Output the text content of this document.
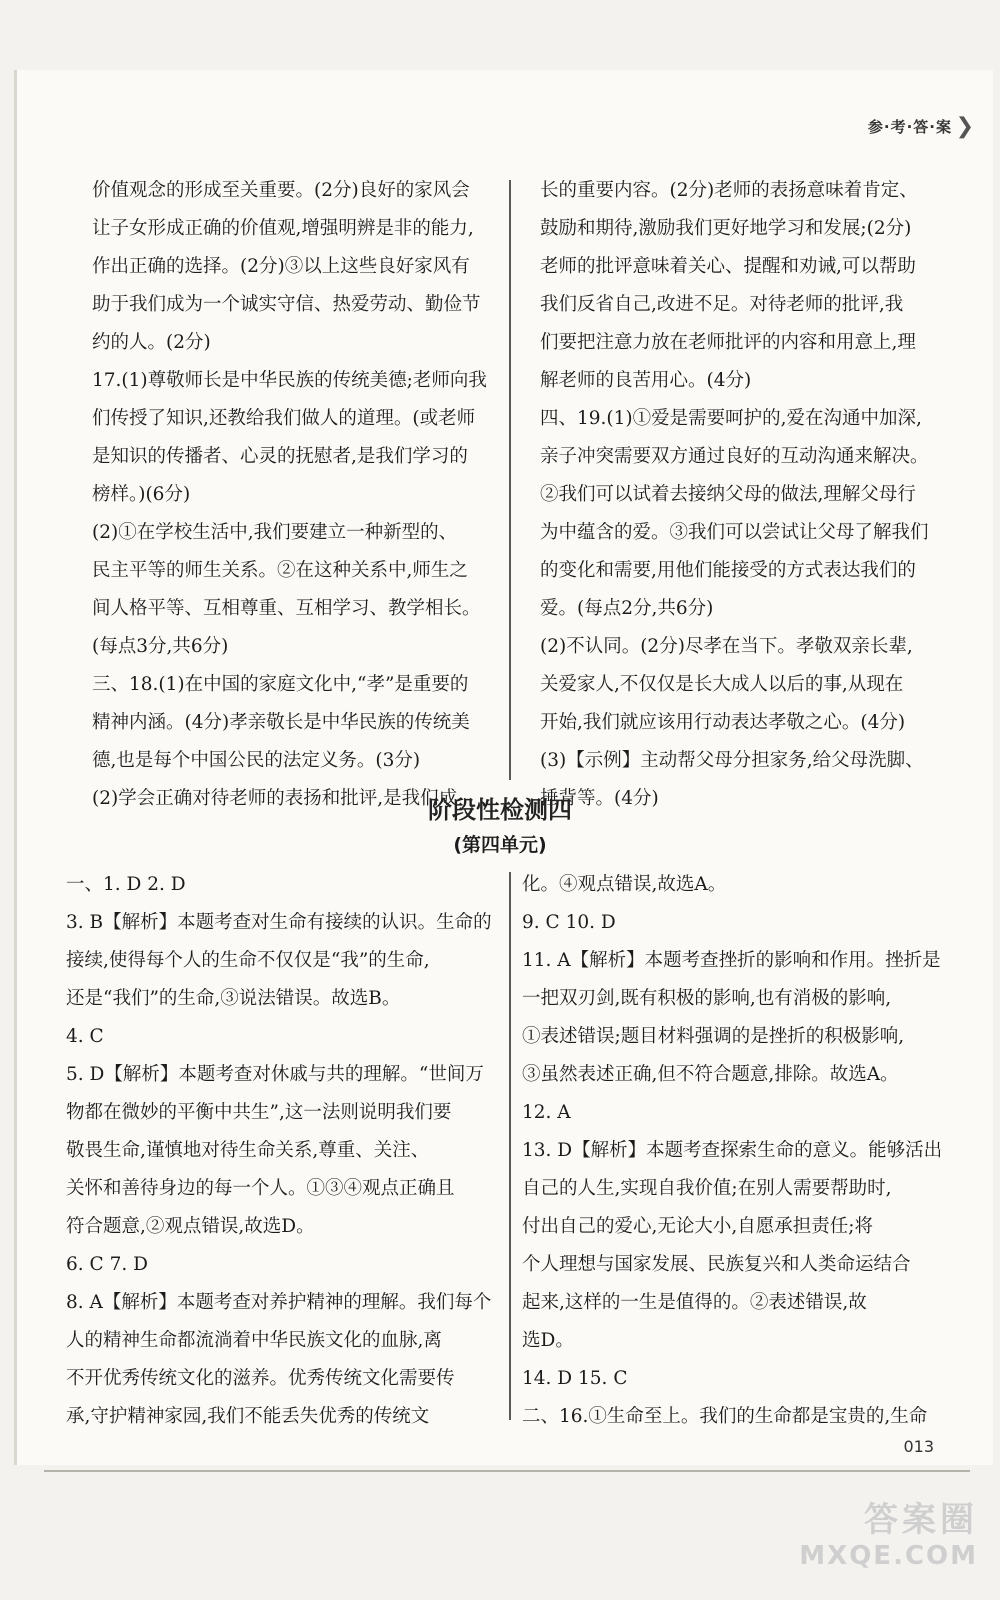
参·考·答·案 ❯

价值观念的形成至关重要。(2分)良好的家风会

让子女形成正确的价值观,增强明辨是非的能力,

作出正确的选择。(2分)③以上这些良好家风有

助于我们成为一个诚实守信、热爱劳动、勤俭节

约的人。(2分)

17.(1)尊敬师长是中华民族的传统美德;老师向我

们传授了知识,还教给我们做人的道理。(或老师

是知识的传播者、心灵的抚慰者,是我们学习的

榜样。)(6分)

(2)①在学校生活中,我们要建立一种新型的、

民主平等的师生关系。②在这种关系中,师生之

间人格平等、互相尊重、互相学习、教学相长。

(每点3分,共6分)

三、18.(1)在中国的家庭文化中,“孝”是重要的

精神内涵。(4分)孝亲敬长是中华民族的传统美

德,也是每个中国公民的法定义务。(3分)

(2)学会正确对待老师的表扬和批评,是我们成

长的重要内容。(2分)老师的表扬意味着肯定、

鼓励和期待,激励我们更好地学习和发展;(2分)

老师的批评意味着关心、提醒和劝诫,可以帮助

我们反省自己,改进不足。对待老师的批评,我

们要把注意力放在老师批评的内容和用意上,理

解老师的良苦用心。(4分)

四、19.(1)①爱是需要呵护的,爱在沟通中加深,

亲子冲突需要双方通过良好的互动沟通来解决。

②我们可以试着去接纳父母的做法,理解父母行

为中蕴含的爱。③我们可以尝试让父母了解我们

的变化和需要,用他们能接受的方式表达我们的

爱。(每点2分,共6分)

(2)不认同。(2分)尽孝在当下。孝敬双亲长辈,

关爱家人,不仅仅是长大成人以后的事,从现在

开始,我们就应该用行动表达孝敬之心。(4分)

(3)【示例】主动帮父母分担家务,给父母洗脚、

捶背等。(4分)

阶段性检测四
(第四单元)

一、1. D 2. D

3. B【解析】本题考查对生命有接续的认识。生命的

接续,使得每个人的生命不仅仅是“我”的生命,

还是“我们”的生命,③说法错误。故选B。

4. C

5. D【解析】本题考查对休戚与共的理解。“世间万

物都在微妙的平衡中共生”,这一法则说明我们要

敬畏生命,谨慎地对待生命关系,尊重、关注、

关怀和善待身边的每一个人。①③④观点正确且

符合题意,②观点错误,故选D。

6. C 7. D

8. A【解析】本题考查对养护精神的理解。我们每个

人的精神生命都流淌着中华民族文化的血脉,离

不开优秀传统文化的滋养。优秀传统文化需要传

承,守护精神家园,我们不能丢失优秀的传统文

化。④观点错误,故选A。

9. C 10. D

11. A【解析】本题考查挫折的影响和作用。挫折是

一把双刃剑,既有积极的影响,也有消极的影响,

①表述错误;题目材料强调的是挫折的积极影响,

③虽然表述正确,但不符合题意,排除。故选A。

12. A

13. D【解析】本题考查探索生命的意义。能够活出

自己的人生,实现自我价值;在别人需要帮助时,

付出自己的爱心,无论大小,自愿承担责任;将

个人理想与国家发展、民族复兴和人类命运结合

起来,这样的一生是值得的。②表述错误,故

选D。

14. D 15. C

二、16.①生命至上。我们的生命都是宝贵的,生命

013
答案圈
MXQE.COM
